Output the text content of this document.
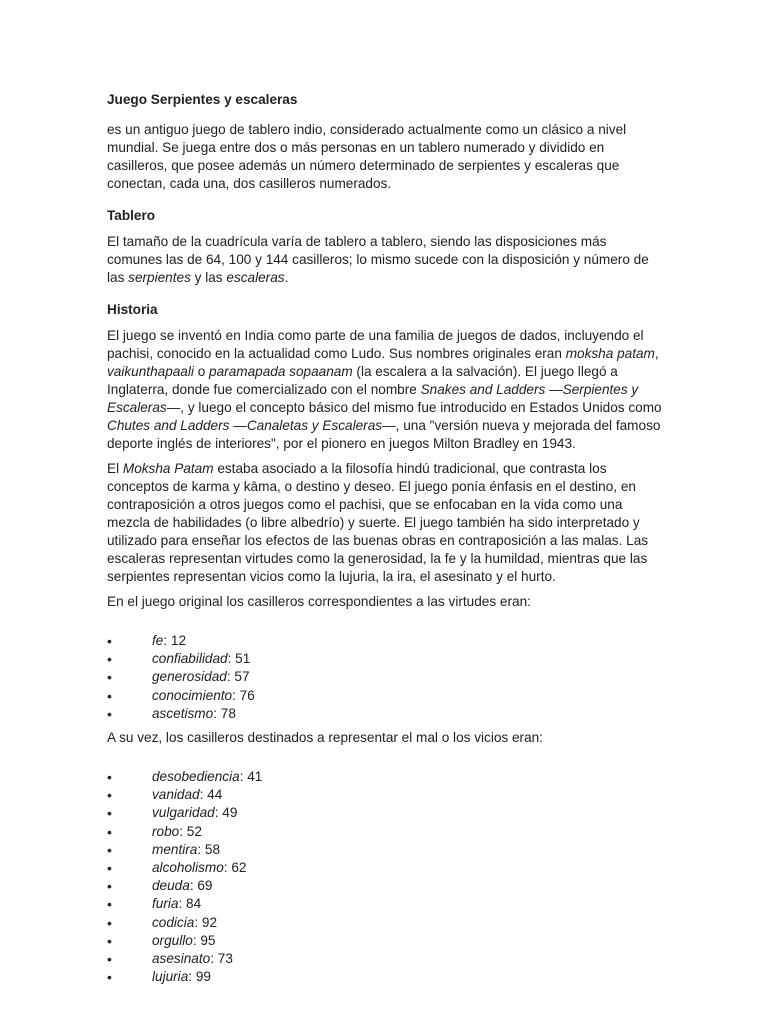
Juego Serpientes y escaleras

es un antiguo juego de tablero indio, considerado actualmente como un clásico a nivel mundial. Se juega entre dos o más personas en un tablero numerado y dividido en casilleros, que posee además un número determinado de serpientes y escaleras que conectan, cada una, dos casilleros numerados.

Tablero

El tamaño de la cuadrícula varía de tablero a tablero, siendo las disposiciones más comunes las de 64, 100 y 144 casilleros; lo mismo sucede con la disposición y número de las serpientes y las escaleras.

Historia

El juego se inventó en India como parte de una familia de juegos de dados, incluyendo el pachisi, conocido en la actualidad como Ludo. Sus nombres originales eran moksha patam, vaikunthapaali o paramapada sopaanam (la escalera a la salvación). El juego llegó a Inglaterra, donde fue comercializado con el nombre Snakes and Ladders —Serpientes y Escaleras—, y luego el concepto básico del mismo fue introducido en Estados Unidos como Chutes and Ladders —Canaletas y Escaleras—, una "versión nueva y mejorada del famoso deporte inglés de interiores", por el pionero en juegos Milton Bradley en 1943.

El Moksha Patam estaba asociado a la filosofía hindú tradicional, que contrasta los conceptos de karma y kāma, o destino y deseo. El juego ponía énfasis en el destino, en contraposición a otros juegos como el pachisi, que se enfocaban en la vida como una mezcla de habilidades (o libre albedrío) y suerte. El juego también ha sido interpretado y utilizado para enseñar los efectos de las buenas obras en contraposición a las malas. Las escaleras representan virtudes como la generosidad, la fe y la humildad, mientras que las serpientes representan vicios como la lujuria, la ira, el asesinato y el hurto.

En el juego original los casilleros correspondientes a las virtudes eran:

• fe: 12
• confiabilidad: 51
• generosidad: 57
• conocimiento: 76
• ascetismo: 78

A su vez, los casilleros destinados a representar el mal o los vicios eran:

• desobediencia: 41
• vanidad: 44
• vulgaridad: 49
• robo: 52
• mentira: 58
• alcoholismo: 62
• deuda: 69
• furia: 84
• codicia: 92
• orgullo: 95
• asesinato: 73
• lujuria: 99
